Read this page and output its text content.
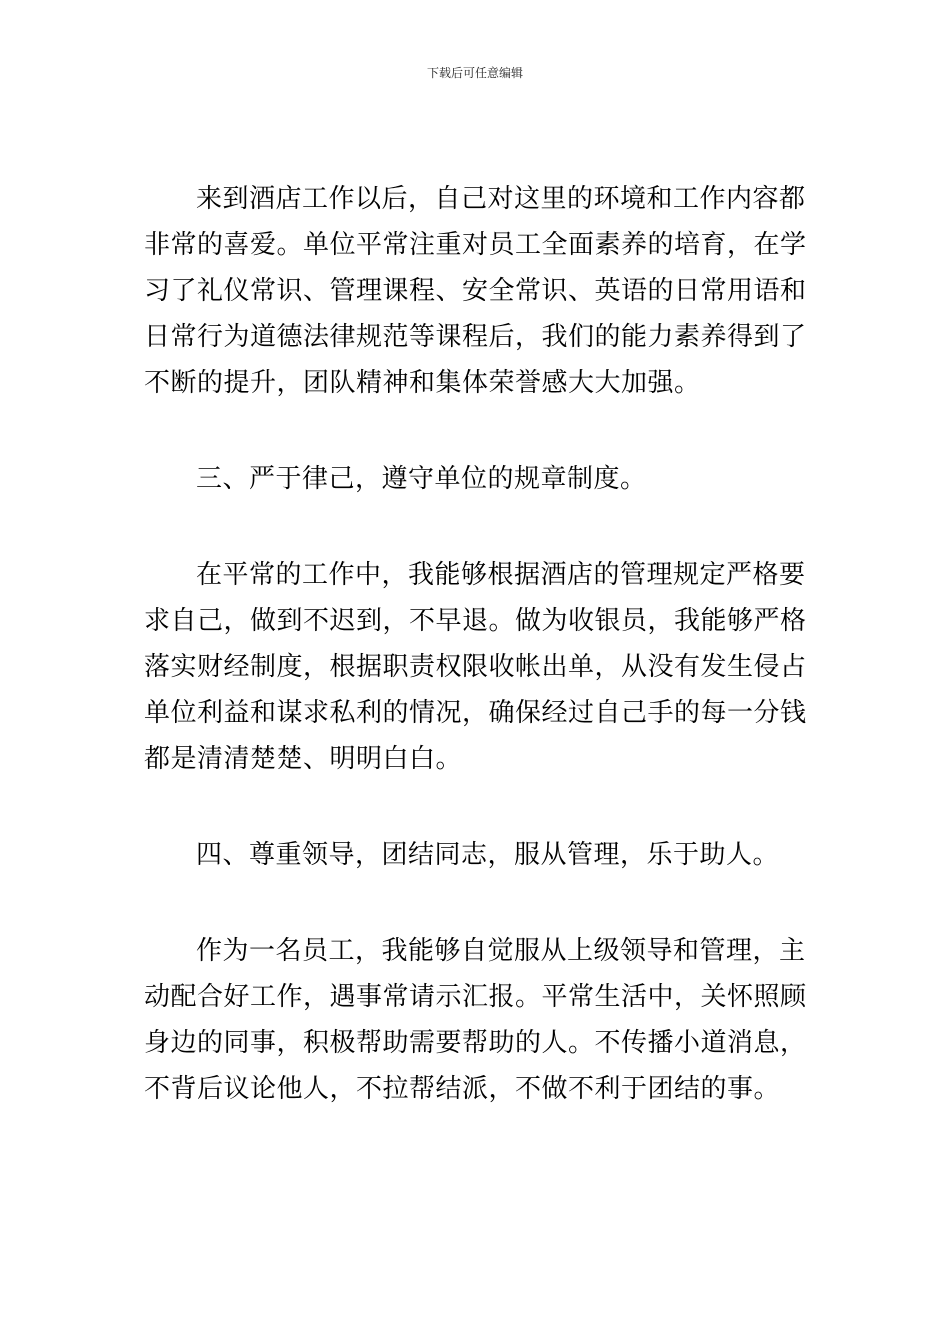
下载后可任意编辑

来到酒店工作以后，自己对这里的环境和工作内容都非常的喜爱。单位平常注重对员工全面素养的培育，在学习了礼仪常识、管理课程、安全常识、英语的日常用语和日常行为道德法律规范等课程后，我们的能力素养得到了不断的提升，团队精神和集体荣誉感大大加强。

三、严于律己，遵守单位的规章制度。

在平常的工作中，我能够根据酒店的管理规定严格要求自己，做到不迟到，不早退。做为收银员，我能够严格落实财经制度，根据职责权限收帐出单，从没有发生侵占单位利益和谋求私利的情况，确保经过自己手的每一分钱都是清清楚楚、明明白白。

四、尊重领导，团结同志，服从管理，乐于助人。

作为一名员工，我能够自觉服从上级领导和管理，主动配合好工作，遇事常请示汇报。平常生活中，关怀照顾身边的同事，积极帮助需要帮助的人。不传播小道消息，不背后议论他人，不拉帮结派，不做不利于团结的事。
